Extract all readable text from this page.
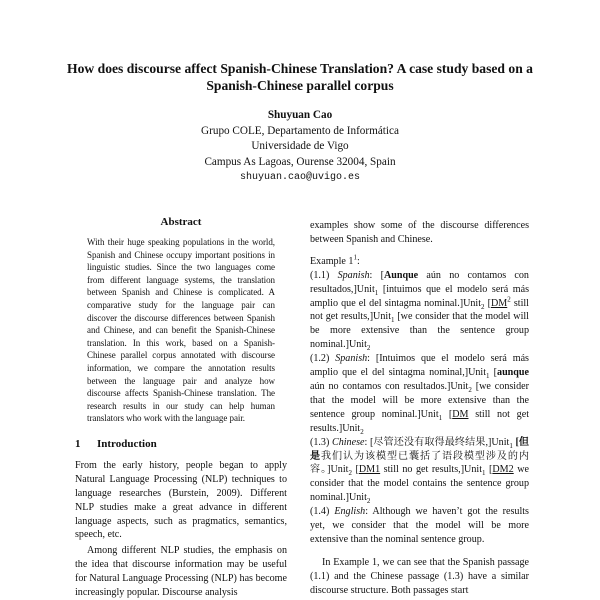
How does discourse affect Spanish-Chinese Translation? A case study based on a Spanish-Chinese parallel corpus
Shuyuan Cao
Grupo COLE, Departamento de Informática
Universidade de Vigo
Campus As Lagoas, Ourense 32004, Spain
shuyuan.cao@uvigo.es
Abstract
With their huge speaking populations in the world, Spanish and Chinese occupy important positions in linguistic studies. Since the two languages come from different language systems, the translation between Spanish and Chinese is complicated. A comparative study for the language pair can discover the discourse differences between Spanish and Chinese, and can benefit the Spanish-Chinese translation. In this work, based on a Spanish-Chinese parallel corpus annotated with discourse information, we compare the annotation results between the language pair and analyze how discourse affects Spanish-Chinese translation. The research results in our study can help human translators who work with the language pair.
1 Introduction

From the early history, people began to apply Natural Language Processing (NLP) techniques to language researches (Burstein, 2009). Different NLP studies make a great advance in different language aspects, such as pragmatics, semantics, speech, etc.

Among different NLP studies, the emphasis on the idea that discourse information may be useful for Natural Language Processing (NLP) has become increasingly popular. Discourse analysis

examples show some of the discourse differences between Spanish and Chinese.

Example $1^1$:

(1.1) Spanish: [Aunque aún no contamos con resultados,]Unit$_1$ [intuimos que el modelo será más amplio que el del sintagma nominal.]Unit$_2$ [$DM^2$ still not get results,]Unit$_1$ [we consider that the model will be more extensive than the sentence group nominal.]Unit$_2$

(1.2) Spanish: [Intuimos que el modelo será más amplio que el del sintagma nominal,]Unit$_1$ [aunque aún no contamos con resultados.]Unit$_2$ [we consider that the model will be more extensive than the sentence group nominal.]Unit$_1$ [DM still not get results.]Unit$_2$

(1.3) Chinese: [尽管还没有取得最终结果,]Unit$_1$ [但是我们认为该模型已囊括了语段模型涉及的内容。]Unit$_2$ [DM1 still no get results,]Unit$_1$ [DM2 we consider that the model contains the sentence group nominal.]Unit$_2$

(1.4) English: Although we haven’t got the results yet, we consider that the model will be more extensive than the nominal sentence group.

In Example 1, we can see that the Spanish passage (1.1) and the Chinese passage (1.3) have a similar discourse structure. Both passages start
